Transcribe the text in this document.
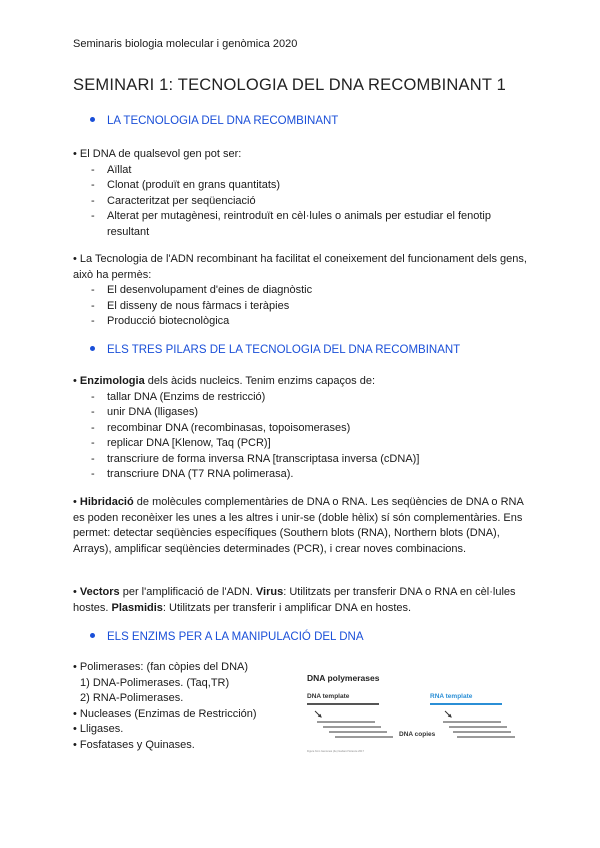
Seminaris biologia molecular i genòmica 2020
SEMINARI 1: TECNOLOGIA DEL DNA RECOMBINANT 1
LA TECNOLOGIA DEL DNA RECOMBINANT
• El DNA de qualsevol gen pot ser:
- Aïllat
- Clonat (produït en grans quantitats)
- Caracteritzat per seqüenciació
- Alterat per mutagènesi, reintroduït en cèl·lules o animals per estudiar el fenotip resultant
• La Tecnologia de l'ADN recombinant ha facilitat el coneixement del funcionament dels gens, això ha permès:
- El desenvolupament d'eines de diagnòstic
- El disseny de nous fàrmacs i teràpies
- Producció biotecnològica
ELS TRES PILARS DE LA TECNOLOGIA DEL DNA RECOMBINANT
• Enzimologia dels àcids nucleics. Tenim enzims capaços de:
- tallar DNA (Enzims de restricció)
- unir DNA (lligases)
- recombinar DNA (recombinasas, topoisomerases)
- replicar DNA [Klenow, Taq (PCR)]
- transcriure de forma inversa RNA [transcriptasa inversa (cDNA)]
- transcriure DNA (T7 RNA polimerasa).
• Hibridació de molècules complementàries de DNA o RNA. Les seqüències de DNA o RNA es poden reconèixer les unes a les altres i unir-se (doble hèlix) sí són complementàries. Ens permet: detectar seqüències específiques (Southern blots (RNA), Northern blots (DNA), Arrays), amplificar seqüències determinades (PCR), i crear noves combinacions.
• Vectors per l'amplificació de l'ADN. Virus: Utilitzats per transferir DNA o RNA en cèl·lules hostes. Plasmidis: Utilitzats per transferir i amplificar DNA en hostes.
ELS ENZIMS PER A LA MANIPULACIÓ DEL DNA
• Polimerases: (fan còpies del DNA)
1) DNA-Polimerases. (Taq,TR)
2) RNA-Polimerases.
• Nucleases (Enzimas de Restricción)
• Lligases.
• Fosfatases y Quinases.
DNA polymerases
DNA template	RNA template
DNA copies
Figure from Genomes (4e) Garland Science 2017
